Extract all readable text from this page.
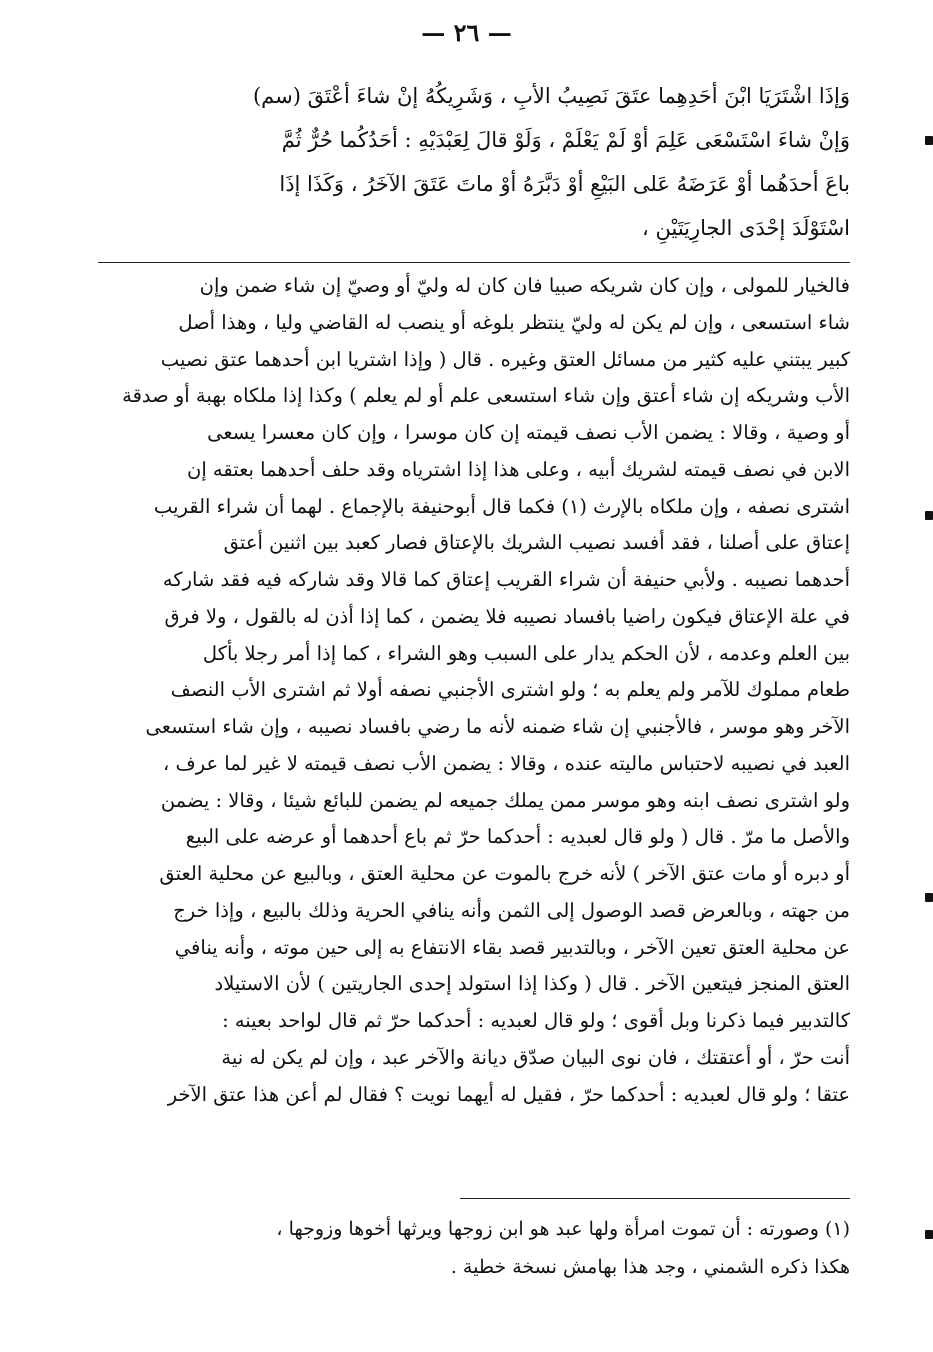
— ٢٦ —
وَإذَا اشْتَرَيَا ابْنَ أحَدِهِما عتَقَ نَصِيبُ الأبِ ، وَشَرِيكُهُ إنْ شاءَ أعْتَقَ (سم)
وَإنْ شاءَ اسْتَسْعَى عَلِمَ أوْ لَمْ يَعْلَمْ ، وَلَوْ قالَ لِعَبْدَيْهِ : أحَدُكُما حُرٌّ ثُمَّ
باعَ أحدَهُما أوْ عَرَضَهُ عَلى البَيْعِ أوْ دَبَّرَهُ أوْ ماتَ عَتَقَ الآخَرُ ، وَكَذَا إذَا
اسْتَوْلَدَ إحْدَى الجارِيَتَيْنِ ،
فالخيار للمولى ، وإن كان شريكه صبيا فان كان له وليّ أو وصيّ إن شاء ضمن وإن
شاء استسعى ، وإن لم يكن له وليّ ينتظر بلوغه أو ينصب له القاضي وليا ، وهذا أصل
كبير يبتني عليه كثير من مسائل العتق وغيره . قال ( وإذا اشتريا ابن أحدهما عتق نصيب
الأب وشريكه إن شاء أعتق وإن شاء استسعى علم أو لم يعلم ) وكذا إذا ملكاه بهبة أو صدقة
أو وصية ، وقالا : يضمن الأب نصف قيمته إن كان موسرا ، وإن كان معسرا يسعى
الابن في نصف قيمته لشريك أبيه ، وعلى هذا إذا اشترياه وقد حلف أحدهما بعتقه إن
اشترى نصفه ، وإن ملكاه بالإرث (١) فكما قال أبوحنيفة بالإجماع . لهما أن شراء القريب
إعتاق على أصلنا ، فقد أفسد نصيب الشريك بالإعتاق فصار كعبد بين اثنين أعتق
أحدهما نصيبه . ولأبي حنيفة أن شراء القريب إعتاق كما قالا وقد شاركه فيه فقد شاركه
في علة الإعتاق فيكون راضيا بافساد نصيبه فلا يضمن ، كما إذا أذن له بالقول ، ولا فرق
بين العلم وعدمه ، لأن الحكم يدار على السبب وهو الشراء ، كما إذا أمر رجلا بأكل
طعام مملوك للآمر ولم يعلم به ؛ ولو اشترى الأجنبي نصفه أولا ثم اشترى الأب النصف
الآخر وهو موسر ، فالأجنبي إن شاء ضمنه لأنه ما رضي بافساد نصيبه ، وإن شاء استسعى
العبد في نصيبه لاحتباس ماليته عنده ، وقالا : يضمن الأب نصف قيمته لا غير لما عرف ،
ولو اشترى نصف ابنه وهو موسر ممن يملك جميعه لم يضمن للبائع شيئا ، وقالا : يضمن
والأصل ما مرّ . قال ( ولو قال لعبديه : أحدكما حرّ ثم باع أحدهما أو عرضه على البيع
أو دبره أو مات عتق الآخر ) لأنه خرج بالموت عن محلية العتق ، وبالبيع عن محلية العتق
من جهته ، وبالعرض قصد الوصول إلى الثمن وأنه ينافي الحرية وذلك بالبيع ، وإذا خرج
عن محلية العتق تعين الآخر ، وبالتدبير قصد بقاء الانتفاع به إلى حين موته ، وأنه ينافي
العتق المنجز فيتعين الآخر . قال ( وكذا إذا استولد إحدى الجاريتين ) لأن الاستيلاد
كالتدبير فيما ذكرنا وبل أقوى ؛ ولو قال لعبديه : أحدكما حرّ ثم قال لواحد بعينه :
أنت حرّ ، أو أعتقتك ، فان نوى البيان صدّق ديانة والآخر عبد ، وإن لم يكن له نية
عتقا ؛ ولو قال لعبديه : أحدكما حرّ ، فقيل له أيهما نويت ؟ فقال لم أعن هذا عتق الآخر
(١) وصورته : أن تموت امرأة ولها عبد هو ابن زوجها ويرثها أخوها وزوجها ،
هكذا ذكره الشمني ، وجد هذا بهامش نسخة خطية .
